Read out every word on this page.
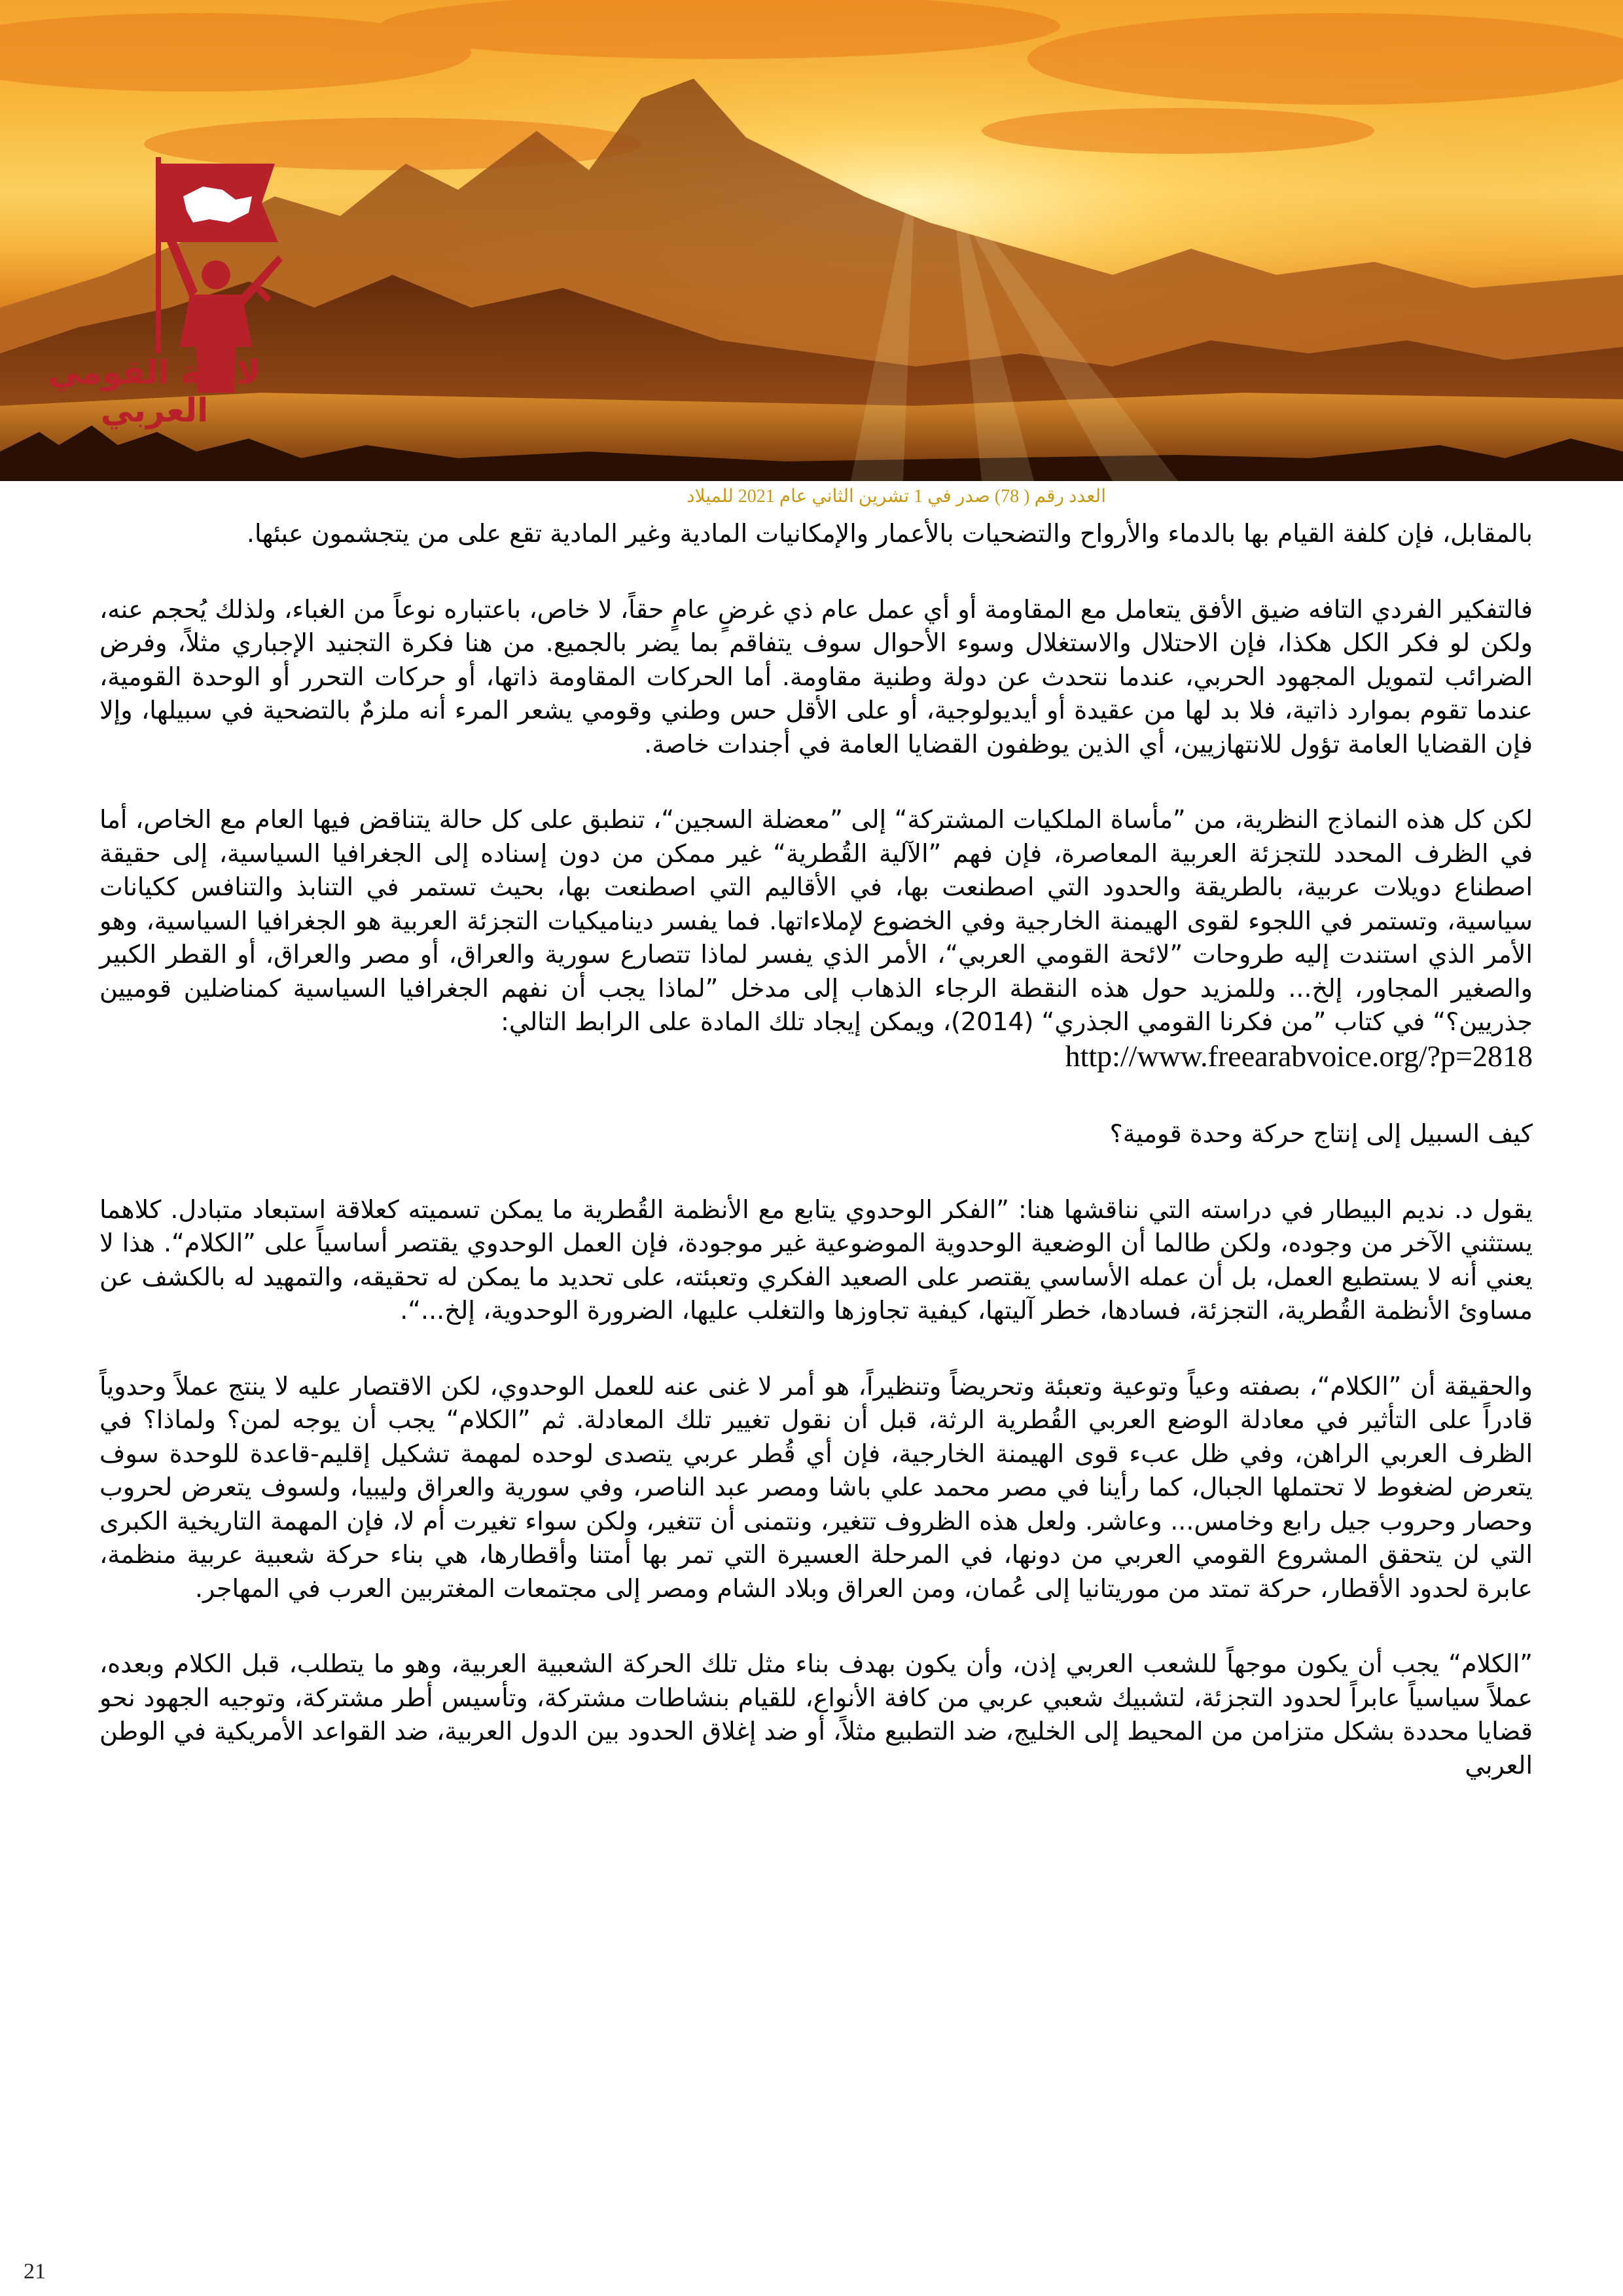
لائحة القومي العربي
العدد رقم ( 78) صدر في 1 تشرين الثاني عام 2021 للميلاد

بالمقابل، فإن كلفة القيام بها بالدماء والأرواح والتضحيات بالأعمار والإمكانيات المادية وغير المادية تقع على من يتجشمون عبئها.

فالتفكير الفردي التافه ضيق الأفق يتعامل مع المقاومة أو أي عمل عام ذي غرضٍ عامٍ حقاً، لا خاص، باعتباره نوعاً من الغباء، ولذلك يُحجم عنه، ولكن لو فكر الكل هكذا، فإن الاحتلال والاستغلال وسوء الأحوال سوف يتفاقم بما يضر بالجميع. من هنا فكرة التجنيد الإجباري مثلاً، وفرض الضرائب لتمويل المجهود الحربي، عندما نتحدث عن دولة وطنية مقاومة. أما الحركات المقاومة ذاتها، أو حركات التحرر أو الوحدة القومية، عندما تقوم بموارد ذاتية، فلا بد لها من عقيدة أو أيديولوجية، أو على الأقل حس وطني وقومي يشعر المرء أنه ملزمٌ بالتضحية في سبيلها، وإلا فإن القضايا العامة تؤول للانتهازيين، أي الذين يوظفون القضايا العامة في أجندات خاصة.

لكن كل هذه النماذج النظرية، من ”مأساة الملكيات المشتركة“ إلى ”معضلة السجين“، تنطبق على كل حالة يتناقض فيها العام مع الخاص، أما في الظرف المحدد للتجزئة العربية المعاصرة، فإن فهم ”الآلية القُطرية“ غير ممكن من دون إسناده إلى الجغرافيا السياسية، إلى حقيقة اصطناع دويلات عربية، بالطريقة والحدود التي اصطنعت بها، في الأقاليم التي اصطنعت بها، بحيث تستمر في التنابذ والتنافس ككيانات سياسية، وتستمر في اللجوء لقوى الهيمنة الخارجية وفي الخضوع لإملاءاتها. فما يفسر ديناميكيات التجزئة العربية هو الجغرافيا السياسية، وهو الأمر الذي استندت إليه طروحات ”لائحة القومي العربي“، الأمر الذي يفسر لماذا تتصارع سورية والعراق، أو مصر والعراق، أو القطر الكبير والصغير المجاور، إلخ... وللمزيد حول هذه النقطة الرجاء الذهاب إلى مدخل ”لماذا يجب أن نفهم الجغرافيا السياسية كمناضلين قوميين جذريين؟“ في كتاب ”من فكرنا القومي الجذري“ (2014)، ويمكن إيجاد تلك المادة على الرابط التالي:

http://www.freearabvoice.org/?p=2818

كيف السبيل إلى إنتاج حركة وحدة قومية؟

يقول د. نديم البيطار في دراسته التي نناقشها هنا: ”الفكر الوحدوي يتابع مع الأنظمة القُطرية ما يمكن تسميته كعلاقة استبعاد متبادل. كلاهما يستثني الآخر من وجوده، ولكن طالما أن الوضعية الوحدوية الموضوعية غير موجودة، فإن العمل الوحدوي يقتصر أساسياً على ”الكلام“. هذا لا يعني أنه لا يستطيع العمل، بل أن عمله الأساسي يقتصر على الصعيد الفكري وتعبئته، على تحديد ما يمكن له تحقيقه، والتمهيد له بالكشف عن مساوئ الأنظمة القُطرية، التجزئة، فسادها، خطر آليتها، كيفية تجاوزها والتغلب عليها، الضرورة الوحدوية، إلخ...“.

والحقيقة أن ”الكلام“، بصفته وعياً وتوعية وتعبئة وتحريضاً وتنظيراً، هو أمر لا غنى عنه للعمل الوحدوي، لكن الاقتصار عليه لا ينتج عملاً وحدوياً قادراً على التأثير في معادلة الوضع العربي القُطرية الرثة، قبل أن نقول تغيير تلك المعادلة. ثم ”الكلام“ يجب أن يوجه لمن؟ ولماذا؟ في الظرف العربي الراهن، وفي ظل عبء قوى الهيمنة الخارجية، فإن أي قُطر عربي يتصدى لوحده لمهمة تشكيل إقليم-قاعدة للوحدة سوف يتعرض لضغوط لا تحتملها الجبال، كما رأينا في مصر محمد علي باشا ومصر عبد الناصر، وفي سورية والعراق وليبيا، ولسوف يتعرض لحروب وحصار وحروب جيل رابع وخامس... وعاشر. ولعل هذه الظروف تتغير، ونتمنى أن تتغير، ولكن سواء تغيرت أم لا، فإن المهمة التاريخية الكبرى التي لن يتحقق المشروع القومي العربي من دونها، في المرحلة العسيرة التي تمر بها أمتنا وأقطارها، هي بناء حركة شعبية عربية منظمة، عابرة لحدود الأقطار، حركة تمتد من موريتانيا إلى عُمان، ومن العراق وبلاد الشام ومصر إلى مجتمعات المغتربين العرب في المهاجر.

”الكلام“ يجب أن يكون موجهاً للشعب العربي إذن، وأن يكون بهدف بناء مثل تلك الحركة الشعبية العربية، وهو ما يتطلب، قبل الكلام وبعده، عملاً سياسياً عابراً لحدود التجزئة، لتشبيك شعبي عربي من كافة الأنواع، للقيام بنشاطات مشتركة، وتأسيس أطر مشتركة، وتوجيه الجهود نحو قضايا محددة بشكل متزامن من المحيط إلى الخليج، ضد التطبيع مثلاً، أو ضد إغلاق الحدود بين الدول العربية، ضد القواعد الأمريكية في الوطن العربي

21
